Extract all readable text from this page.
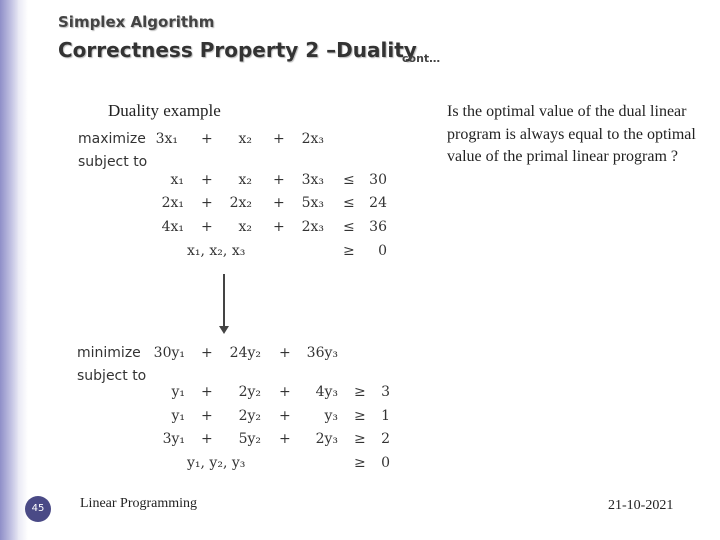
Simplex Algorithm
Correctness Property 2 –Duality
cont…
Duality example	Is the optimal value of the dual linear program is always equal to the optimal value of the primal linear program ?
maximize
subject to
3x₁ + x₂ + 2x₃
x₁ + x₂ + 3x₃ ≤ 30
2x₁ + 2x₂ + 5x₃ ≤ 24
4x₁ + x₂ + 2x₃ ≤ 36
x₁, x₂, x₃	≥ 0
minimize
subject to
30y₁ + 24y₂ + 36y₃
y₁ + 2y₂ + 4y₃ ≥ 3
y₁ + 2y₂ + y₃ ≥ 1
3y₁ + 5y₂ + 2y₃ ≥ 2
y₁, y₂, y₃	≥ 0
45	Linear Programming	21-10-2021
